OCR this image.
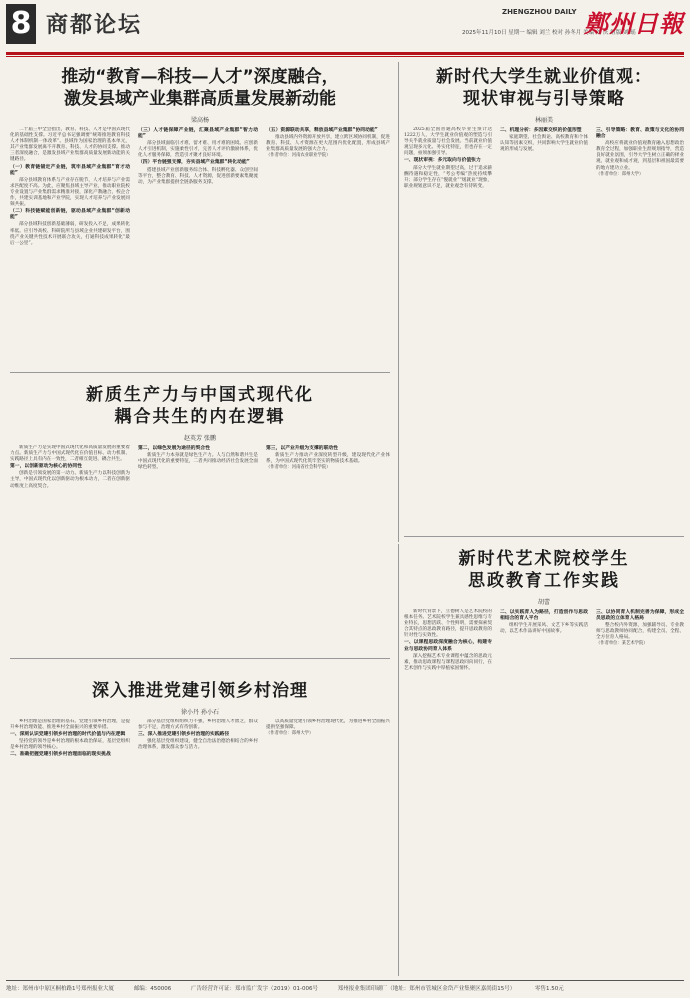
8 商都论坛	ZHENGZHOU DAILY
2025年11月10日 星期一 编辑 刘兰 校对 孙冬月 美编 刘 庆 组版 刘 瑶
鄭州日報
推动“教育—科技—人才”深度融合，
激发县域产业集群高质量发展新动能
梁高杨

二十届三中全会指出，教育、科技、人才是中国式现代化的基础性支撑。习近平总书记强调要“统筹推进教育科技人才体制机制一体改革”。县域作为国家治理的基本单元，其产业集群发展离不开教育、科技、人才的协同支撑。推动三者深度融合，是激发县域产业集群高质量发展新动能的关键路径。

（一）教育链锚定产业链，筑牢县域产业集群“育才动能”

部分县域教育体系与产业存在脱节，人才培养与产业需求匹配度不高。为此，应聚焦县域主导产业，推动职业院校专业设置与产业集群需求精准对接，深化产教融合，校企合作，共建实训基地和产业学院，实现人才培养与产业发展同频共振。

（二）科技链赋能创新链，驱动县域产业集群“创新动能”

部分县域科技创新基础薄弱，研发投入不足，成果转化率低。应引导高校、科研院所与县域企业共建研发平台，围绕产业关键共性技术开展联合攻关，打通科技成果转化“最后一公里”。

（三）人才链保障产业链，汇聚县域产业集群“智力动能”

部分县域面临引才难、留才难、用才难的困境。应创新人才引进机制，实施柔性引才，完善人才评价激励体系，优化人才服务保障，营造引才聚才良好环境。

（四）平台链强支撑，夯实县域产业集群“转化动能”

搭建县域产业创新服务综合体、科技孵化器、众创空间等平台，整合教育、科技、人才资源，促进创新要素集聚流动，为产业集群提供全链条服务支撑。

（五）资源联动共享，释放县域产业集群“协同动能”

推动县域内外资源开放共享，建立跨区域协同机制，促进教育、科技、人才资源在更大范围内优化配置，形成县域产业集群高质量发展的强大合力。

（作者单位：河南农业职业学院）

新时代大学生就业价值观：
现状审视与引导策略
林丽美

2025届全国普通高校毕业生预计达1222万人，大学生就业价值观的塑造与引导关乎就业质量与社会发展。当前就业价值观呈现多元化、务实化特征，但也存在一定问题，亟须加强引导。

一、现状审视：多元取向与价值张力

部分大学生就业期望过高，过于追求薪酬待遇和稳定性，“考公考编”热度持续攀升；部分学生存在“慢就业”“缓就业”现象，职业规划意识不足，就业观念有待转变。

二、机理分析：多因素交织的价值形塑

家庭期望、社会舆论、高校教育和个体认知等因素交织，共同影响大学生就业价值观的形成与发展。

三、引导策略：教育、政策与文化的协同融合

高校应将就业价值观教育融入思想政治教育全过程，加强职业生涯规划指导，营造良好就业氛围，引导大学生树立正确的择业观、就业观和成才观，到基层和祖国最需要的地方建功立业。

（作者单位：郑州大学）

新质生产力与中国式现代化
耦合共生的内在逻辑
赵英芳 张鹏

新质生产力是实现中国式现代化和高质量发展的重要着力点。新质生产力与中国式现代化在价值目标、动力机制、实践路径上具有内在一致性，二者相互促进、耦合共生。

第一，以创新驱动为核心的协同性

创新是引领发展的第一动力。新质生产力以科技创新为主导，中国式现代化以创新驱动为根本动力，二者在创新驱动维度上高度契合。

第二，以绿色发展为途径的契合性

新质生产力本身就是绿色生产力。人与自然和谐共生是中国式现代化的重要特征，二者共同推动经济社会发展全面绿色转型。

第三，以产业升级为支撑的联动性

新质生产力推动产业深度转型升级，建设现代化产业体系，为中国式现代化筑牢坚实的物质技术基础。

（作者单位：河南省社会科学院）

新时代艺术院校学生
思政教育工作实践
胡蕾

新时代背景下，立德树人是艺术院校的根本任务。艺术院校学生兼具感性思维与专业特长，思想活跃、个性鲜明，需要探索契合其特点的思政教育路径，提升思政教育的针对性与实效性。

一、以课程思政深度融合为核心，构建专业与思政协同育人体系

深入挖掘艺术专业课程中蕴含的思政元素，推动思政课程与课程思政同向同行，在艺术创作与实践中厚植家国情怀。

二、以实践育人为路径，打造创作与思政相结合的育人平台

组织学生开展采风、文艺下乡等实践活动，以艺术作品讲好中国故事。

三、以协同育人机制完善为保障，形成全员思政的立体育人格局

整合校内外资源，加强辅导员、专业教师与思政教师协同配合，构建全员、全程、全方位育人格局。

（作者单位：某艺术学院）

深入推进党建引领乡村治理
徐小丹 孙小石

乡村治理是国家治理的基石。党建引领乡村治理，是提升乡村治理效能、推进乡村全面振兴的重要举措。

一、深刻认识党建引领乡村治理的时代价值与内在逻辑

坚持党的领导是乡村治理的根本政治保证，基层党组织是乡村治理的领导核心。

二、准确把握党建引领乡村治理面临的现实挑战

部分基层党组织组织力不强，乡村治理人才匮乏，群众参与不足，治理方式有待创新。

三、深入推进党建引领乡村治理的实践路径

强化基层党组织建设，健全自治法治德治相结合的乡村治理体系，激发群众参与活力。

以高质量党建引领乡村治理现代化，为推进乡村全面振兴提供坚强保障。

（作者单位：郑州大学）

地址：郑州市中原区桐柏路1号郑州报业大厦	邮编：450006	广告经营许可证：郑市监广发字（2019）01-006号	郑州报业集团印刷厂（地址：郑州市管城区金岱产业集聚区嘉尚街15号）	零售1.50元
